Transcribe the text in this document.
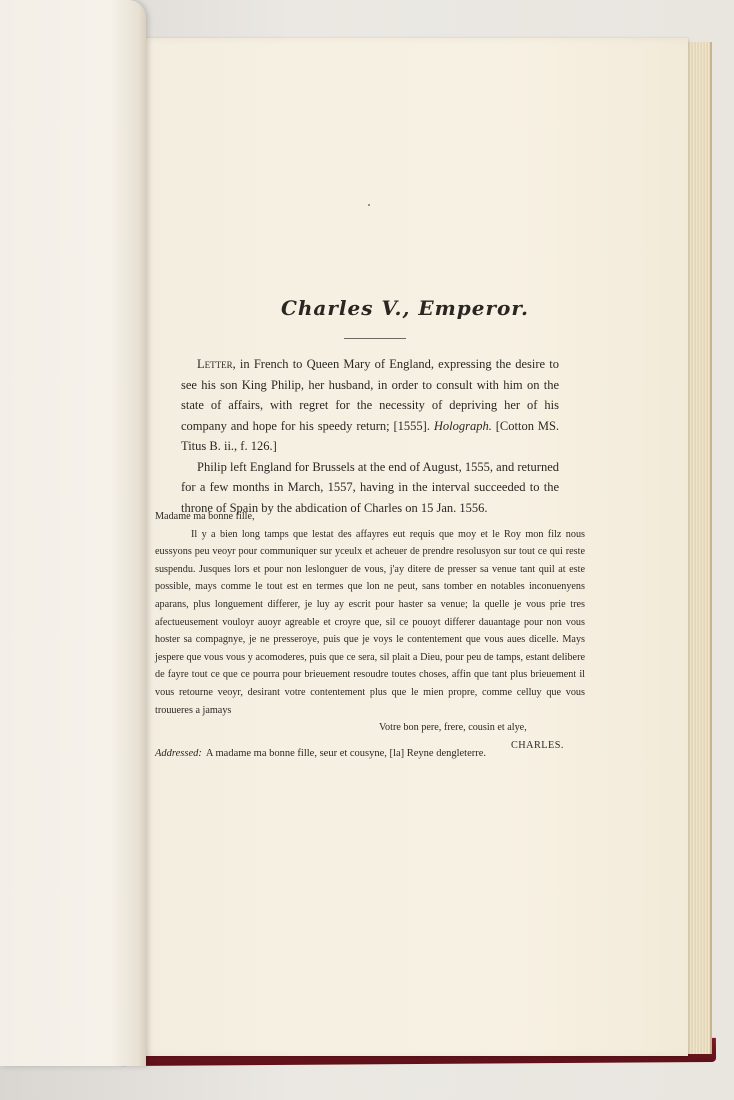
Charles V., Emperor.

Letter, in French to Queen Mary of England, expressing the desire to see his son King Philip, her husband, in order to consult with him on the state of affairs, with regret for the necessity of depriving her of his company and hope for his speedy return; [1555]. Holograph. [Cotton MS. Titus B. ii., f. 126.]

Philip left England for Brussels at the end of August, 1555, and returned for a few months in March, 1557, having in the interval succeeded to the throne of Spain by the abdication of Charles on 15 Jan. 1556.

Madame ma bonne fille,

Il y a bien long tamps que lestat des affayres eut requis que moy et le Roy mon filz nous eussyons peu veoyr pour communiquer sur yceulx et acheuer de prendre resolusyon sur tout ce qui reste suspendu. Jusques lors et pour non leslonguer de vous, j'ay ditere de presser sa venue tant quil at este possible, mays comme le tout est en termes que lon ne peut, sans tomber en notables inconuenyens aparans, plus longuement differer, je luy ay escrit pour haster sa venue; la quelle je vous prie tres afectueusement vouloyr auoyr agreable et croyre que, sil ce pouoyt differer dauantage pour non vous hoster sa compagnye, je ne presseroye, puis que je voys le contentement que vous aues dicelle. Mays jespere que vous vous y acomoderes, puis que ce sera, sil plait a Dieu, pour peu de tamps, estant delibere de fayre tout ce que ce pourra pour brieuement resoudre toutes choses, affin que tant plus brieuement il vous retourne veoyr, desirant votre contentement plus que le mien propre, comme celluy que vous trouueres a jamays

Votre bon pere, frere, cousin et alye,

CHARLES.

Addressed: A madame ma bonne fille, seur et cousyne, [la] Reyne dengleterre.
